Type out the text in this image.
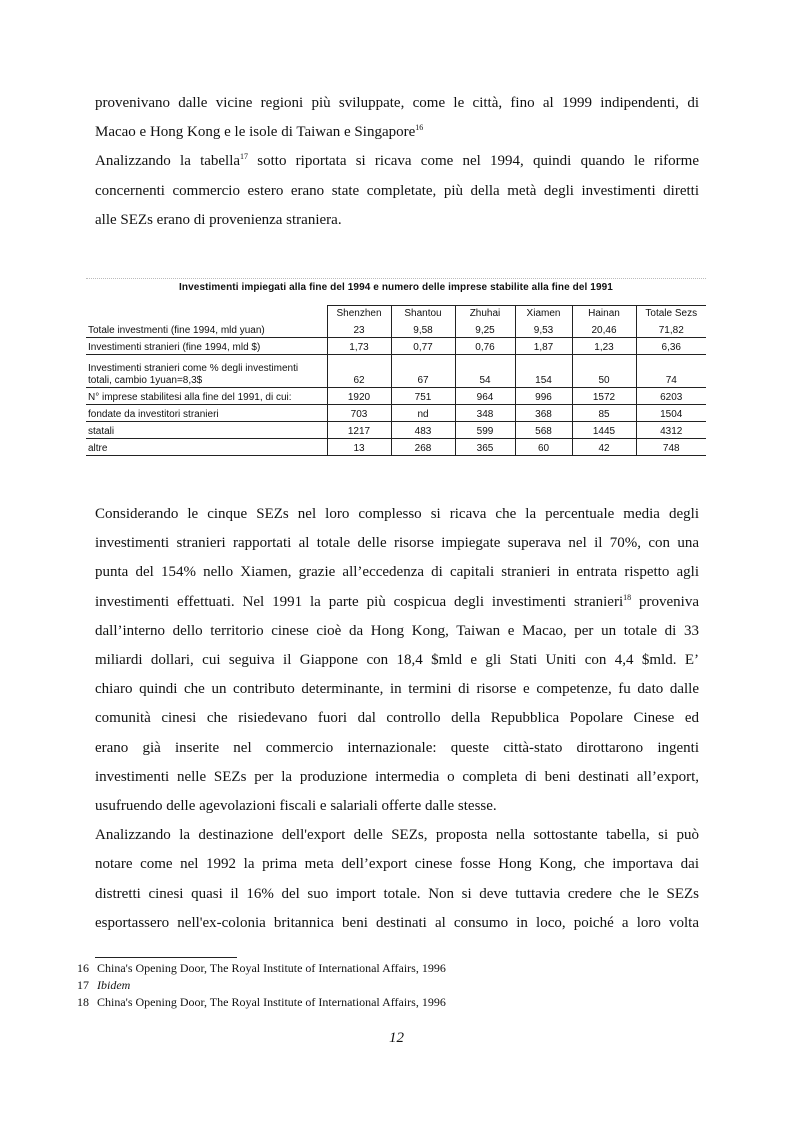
provenivano dalle vicine regioni più sviluppate, come le città, fino al 1999 indipendenti, di
Macao e Hong Kong e le isole di Taiwan e Singapore$^{16}$
Analizzando la tabella$^{17}$ sotto riportata si ricava come nel 1994, quindi quando le riforme
concernenti commercio estero erano state completate, più della metà degli investimenti diretti
alle SEZs erano di provenienza straniera.
Investimenti impiegati alla fine del 1994 e numero delle imprese stabilite alla fine del 1991
	Shenzhen	Shantou	Zhuhai	Xiamen	Hainan	Totale Sezs
Totale investmenti (fine 1994, mld yuan)	23	9,58	9,25	9,53	20,46	71,82
Investimenti stranieri (fine 1994, mld $)	1,73	0,77	0,76	1,87	1,23	6,36
Investimenti stranieri come % degli investimenti totali, cambio 1yuan=8,3$	62	67	54	154	50	74
N° imprese stabilitesi alla fine del 1991, di cui:	1920	751	964	996	1572	6203
fondate da investitori stranieri	703	nd	348	368	85	1504
statali	1217	483	599	568	1445	4312
altre	13	268	365	60	42	748
Considerando le cinque SEZs nel loro complesso si ricava che la percentuale media degli
investimenti stranieri rapportati al totale delle risorse impiegate superava nel il 70%, con una
punta del 154% nello Xiamen, grazie all’eccedenza di capitali stranieri in entrata rispetto agli
investimenti effettuati. Nel 1991 la parte più cospicua degli investimenti stranieri$^{18}$ proveniva
dall’interno dello territorio cinese cioè da Hong Kong, Taiwan e Macao, per un totale di 33
miliardi dollari, cui seguiva il Giappone con 18,4 $mld e gli Stati Uniti con 4,4 $mld. E’
chiaro quindi che un contributo determinante, in termini di risorse e competenze, fu dato dalle
comunità cinesi che risiedevano fuori dal controllo della Repubblica Popolare Cinese ed
erano già inserite nel commercio internazionale: queste città-stato dirottarono ingenti
investimenti nelle SEZs per la produzione intermedia o completa di beni destinati all’export,
usufruendo delle agevolazioni fiscali e salariali offerte dalle stesse.
Analizzando la destinazione dell'export delle SEZs, proposta nella sottostante tabella, si può
notare come nel 1992 la prima meta dell’export cinese fosse Hong Kong, che importava dai
distretti cinesi quasi il 16% del suo import totale. Non si deve tuttavia credere che le SEZs
esportassero nell'ex-colonia britannica beni destinati al consumo in loco, poiché a loro volta
16 China's Opening Door, The Royal Institute of International Affairs, 1996
17 Ibidem
18 China's Opening Door, The Royal Institute of International Affairs, 1996
12
